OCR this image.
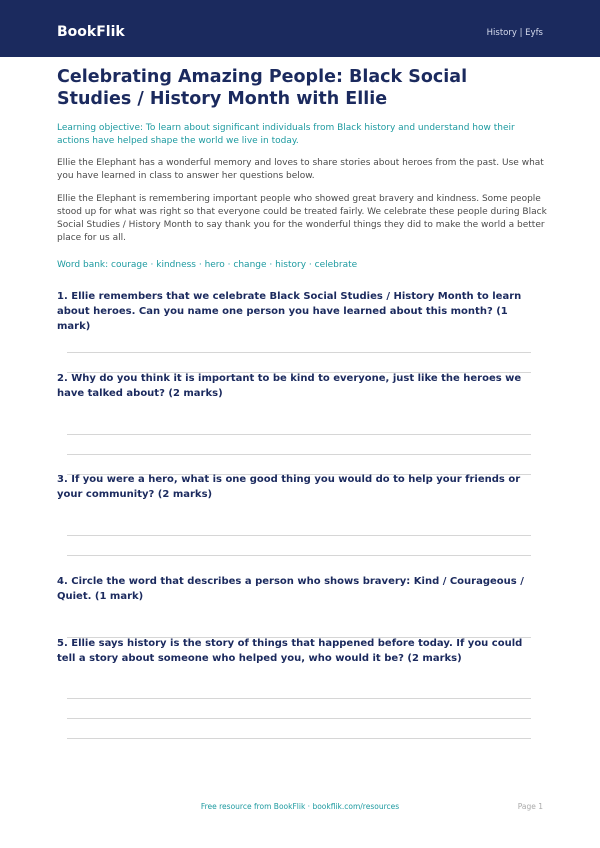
BookFlik	History | Eyfs
Celebrating Amazing People: Black Social Studies / History Month with Ellie
Learning objective: To learn about significant individuals from Black history and understand how their actions have helped shape the world we live in today.
Ellie the Elephant has a wonderful memory and loves to share stories about heroes from the past. Use what you have learned in class to answer her questions below.
Ellie the Elephant is remembering important people who showed great bravery and kindness. Some people stood up for what was right so that everyone could be treated fairly. We celebrate these people during Black Social Studies / History Month to say thank you for the wonderful things they did to make the world a better place for us all.
Word bank: courage · kindness · hero · change · history · celebrate
1. Ellie remembers that we celebrate Black Social Studies / History Month to learn about heroes. Can you name one person you have learned about this month? (1 mark)
2. Why do you think it is important to be kind to everyone, just like the heroes we have talked about? (2 marks)
3. If you were a hero, what is one good thing you would do to help your friends or your community? (2 marks)
4. Circle the word that describes a person who shows bravery: Kind / Courageous / Quiet. (1 mark)
5. Ellie says history is the story of things that happened before today. If you could tell a story about someone who helped you, who would it be? (2 marks)
Free resource from BookFlik · bookflik.com/resources	Page 1
